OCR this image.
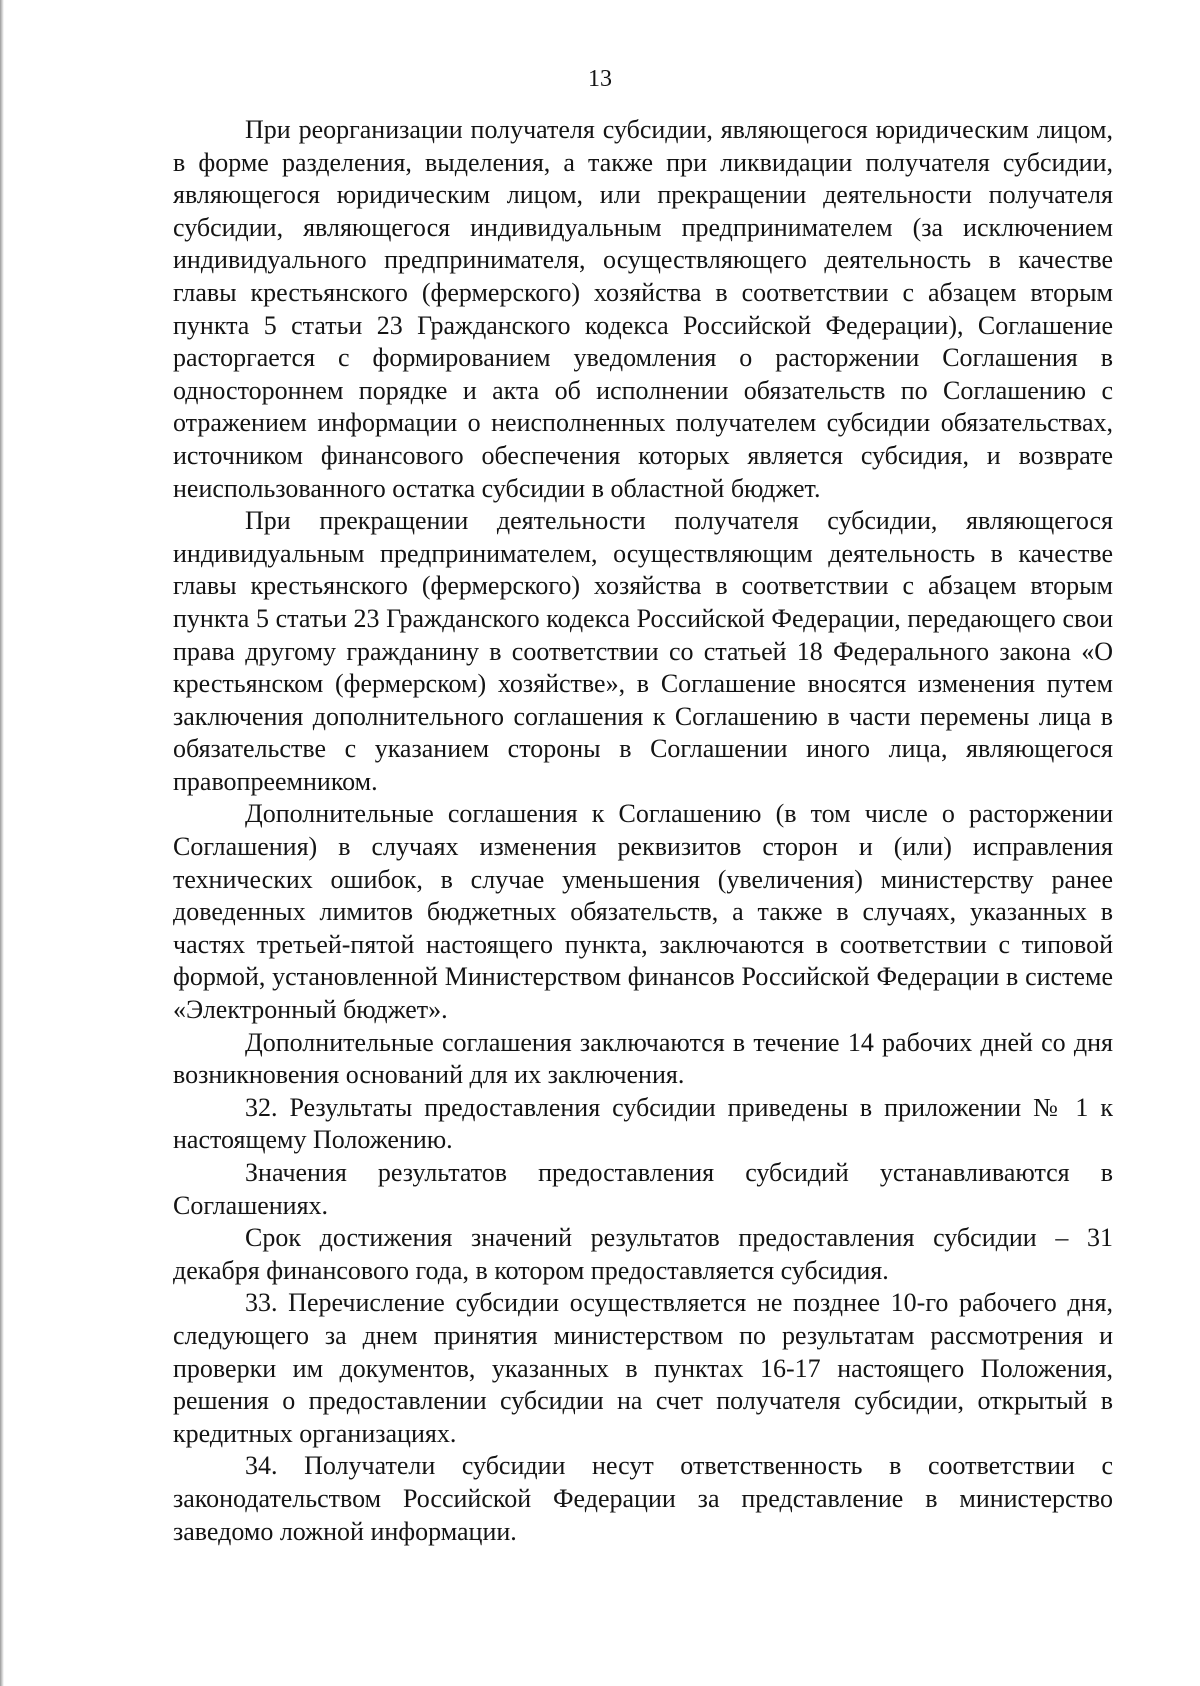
13

При реорганизации получателя субсидии, являющегося юридическим лицом, в форме разделения, выделения, а также при ликвидации получателя субсидии, являющегося юридическим лицом, или прекращении деятельности получателя субсидии, являющегося индивидуальным предпринимателем (за исключением индивидуального предпринимателя, осуществляющего деятельность в качестве главы крестьянского (фермерского) хозяйства в соответствии с абзацем вторым пункта 5 статьи 23 Гражданского кодекса Российской Федерации), Соглашение расторгается с формированием уведомления о расторжении Соглашения в одностороннем порядке и акта об исполнении обязательств по Соглашению с отражением информации о неисполненных получателем субсидии обязательствах, источником финансового обеспечения которых является субсидия, и возврате неиспользованного остатка субсидии в областной бюджет.

При прекращении деятельности получателя субсидии, являющегося индивидуальным предпринимателем, осуществляющим деятельность в качестве главы крестьянского (фермерского) хозяйства в соответствии с абзацем вторым пункта 5 статьи 23 Гражданского кодекса Российской Федерации, передающего свои права другому гражданину в соответствии со статьей 18 Федерального закона «О крестьянском (фермерском) хозяйстве», в Соглашение вносятся изменения путем заключения дополнительного соглашения к Соглашению в части перемены лица в обязательстве с указанием стороны в Соглашении иного лица, являющегося правопреемником.

Дополнительные соглашения к Соглашению (в том числе о расторжении Соглашения) в случаях изменения реквизитов сторон и (или) исправления технических ошибок, в случае уменьшения (увеличения) министерству ранее доведенных лимитов бюджетных обязательств, а также в случаях, указанных в частях третьей-пятой настоящего пункта, заключаются в соответствии с типовой формой, установленной Министерством финансов Российской Федерации в системе «Электронный бюджет».

Дополнительные соглашения заключаются в течение 14 рабочих дней со дня возникновения оснований для их заключения.

32. Результаты предоставления субсидии приведены в приложении № 1 к настоящему Положению.

Значения результатов предоставления субсидий устанавливаются в Соглашениях.

Срок достижения значений результатов предоставления субсидии – 31 декабря финансового года, в котором предоставляется субсидия.

33. Перечисление субсидии осуществляется не позднее 10-го рабочего дня, следующего за днем принятия министерством по результатам рассмотрения и проверки им документов, указанных в пунктах 16-17 настоящего Положения, решения о предоставлении субсидии на счет получателя субсидии, открытый в кредитных организациях.

34. Получатели субсидии несут ответственность в соответствии с законодательством Российской Федерации за представление в министерство заведомо ложной информации.
